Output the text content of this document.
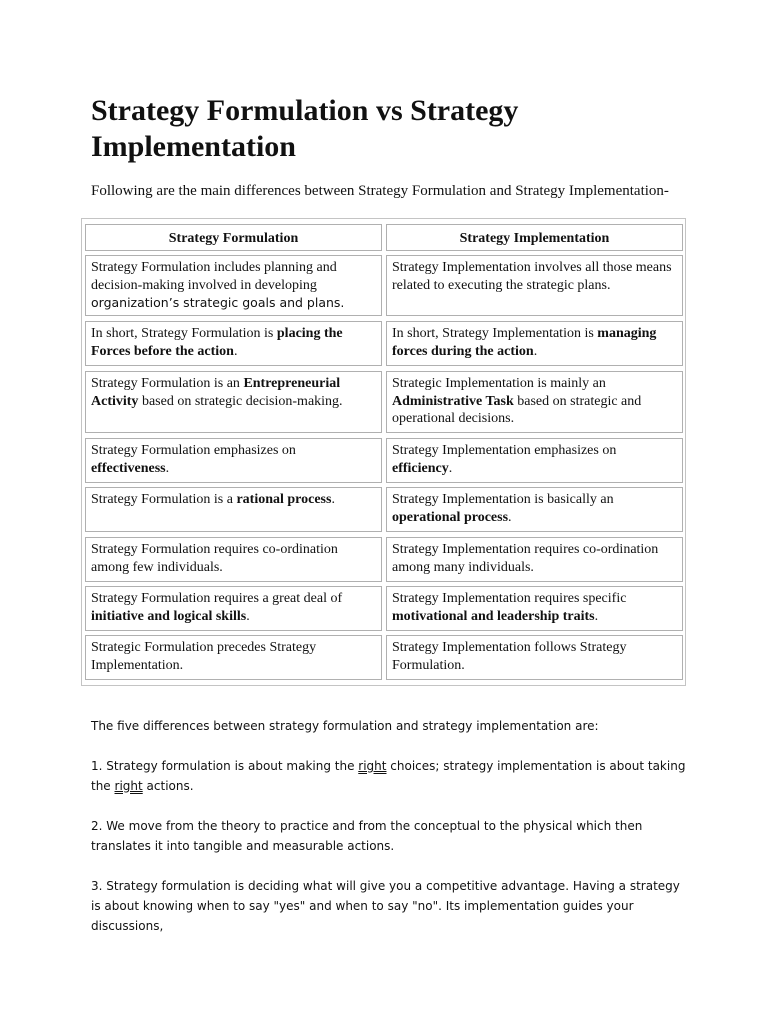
Strategy Formulation vs Strategy Implementation

Following are the main differences between Strategy Formulation and Strategy Implementation-

Strategy Formulation	Strategy Implementation
Strategy Formulation includes planning and decision-making involved in developing organization’s strategic goals and plans.
Strategy Implementation involves all those means related to executing the strategic plans.
In short, Strategy Formulation is placing the Forces before the action.
In short, Strategy Implementation is managing forces during the action.
Strategy Formulation is an Entrepreneurial Activity based on strategic decision-making.
Strategic Implementation is mainly an Administrative Task based on strategic and operational decisions.
Strategy Formulation emphasizes on effectiveness.
Strategy Implementation emphasizes on efficiency.
Strategy Formulation is a rational process.	Strategy Implementation is basically an operational process.
Strategy Formulation requires co-ordination among few individuals.
Strategy Implementation requires co-ordination among many individuals.
Strategy Formulation requires a great deal of initiative and logical skills.
Strategy Implementation requires specific motivational and leadership traits.
Strategic Formulation precedes Strategy Implementation.
Strategy Implementation follows Strategy Formulation.

The five differences between strategy formulation and strategy implementation are:

1. Strategy formulation is about making the right choices; strategy implementation is about taking the right actions.

2. We move from the theory to practice and from the conceptual to the physical which then translates it into tangible and measurable actions.

3. Strategy formulation is deciding what will give you a competitive advantage. Having a strategy is about knowing when to say "yes" and when to say "no". Its implementation guides your discussions,
